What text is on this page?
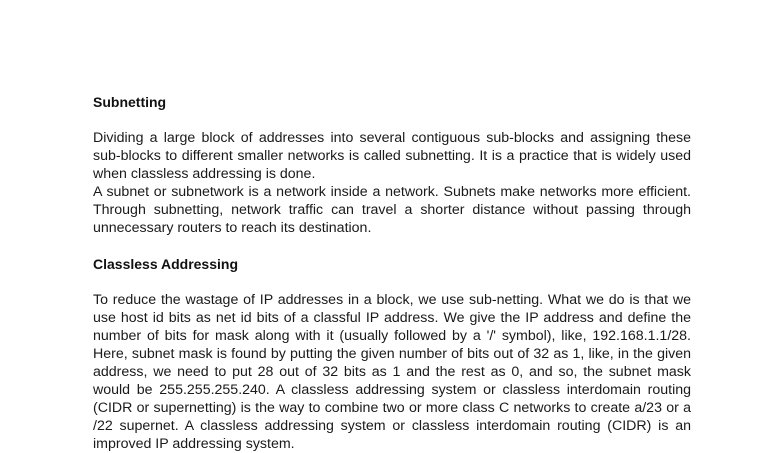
Subnetting

Dividing a large block of addresses into several contiguous sub-blocks and assigning these sub-blocks to different smaller networks is called subnetting. It is a practice that is widely used when classless addressing is done.

A subnet or subnetwork is a network inside a network. Subnets make networks more efficient. Through subnetting, network traffic can travel a shorter distance without passing through unnecessary routers to reach its destination.

Classless Addressing

To reduce the wastage of IP addresses in a block, we use sub-netting. What we do is that we use host id bits as net id bits of a classful IP address. We give the IP address and define the number of bits for mask along with it (usually followed by a '/' symbol), like, 192.168.1.1/28. Here, subnet mask is found by putting the given number of bits out of 32 as 1, like, in the given address, we need to put 28 out of 32 bits as 1 and the rest as 0, and so, the subnet mask would be 255.255.255.240. A classless addressing system or classless interdomain routing (CIDR or supernetting) is the way to combine two or more class C networks to create a/23 or a /22 supernet. A classless addressing system or classless interdomain routing (CIDR) is an improved IP addressing system.
